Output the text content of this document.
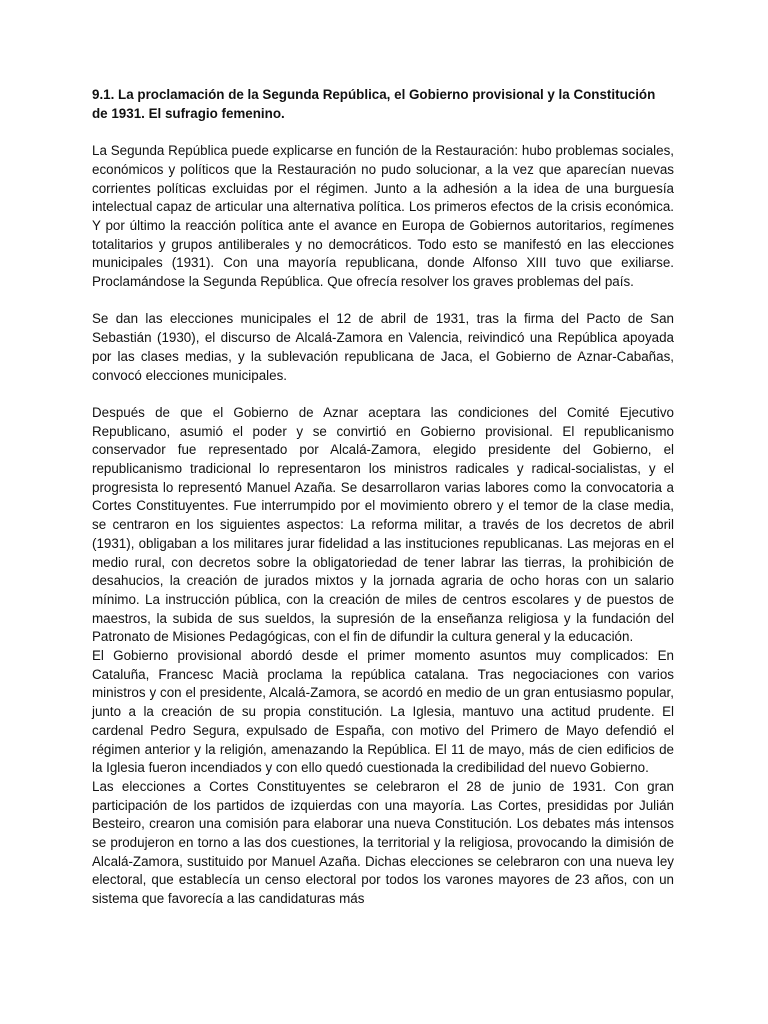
9.1. La proclamación de la Segunda República, el Gobierno provisional y la Constitución de 1931. El sufragio femenino.

La Segunda República puede explicarse en función de la Restauración: hubo problemas sociales, económicos y políticos que la Restauración no pudo solucionar, a la vez que aparecían nuevas corrientes políticas excluidas por el régimen. Junto a la adhesión a la idea de una burguesía intelectual capaz de articular una alternativa política. Los primeros efectos de la crisis económica. Y por último la reacción política ante el avance en Europa de Gobiernos autoritarios, regímenes totalitarios y grupos antiliberales y no democráticos. Todo esto se manifestó en las elecciones municipales (1931). Con una mayoría republicana, donde Alfonso XIII tuvo que exiliarse. Proclamándose la Segunda República. Que ofrecía resolver los graves problemas del país.

Se dan las elecciones municipales el 12 de abril de 1931, tras la firma del Pacto de San Sebastián (1930), el discurso de Alcalá-Zamora en Valencia, reivindicó una República apoyada por las clases medias, y la sublevación republicana de Jaca, el Gobierno de Aznar-Cabañas, convocó elecciones municipales.

Después de que el Gobierno de Aznar aceptara las condiciones del Comité Ejecutivo Republicano, asumió el poder y se convirtió en Gobierno provisional. El republicanismo conservador fue representado por Alcalá-Zamora, elegido presidente del Gobierno, el republicanismo tradicional lo representaron los ministros radicales y radical-socialistas, y el progresista lo representó Manuel Azaña. Se desarrollaron varias labores como la convocatoria a Cortes Constituyentes. Fue interrumpido por el movimiento obrero y el temor de la clase media, se centraron en los siguientes aspectos: La reforma militar, a través de los decretos de abril (1931), obligaban a los militares jurar fidelidad a las instituciones republicanas. Las mejoras en el medio rural, con decretos sobre la obligatoriedad de tener labrar las tierras, la prohibición de desahucios, la creación de jurados mixtos y la jornada agraria de ocho horas con un salario mínimo. La instrucción pública, con la creación de miles de centros escolares y de puestos de maestros, la subida de sus sueldos, la supresión de la enseñanza religiosa y la fundación del Patronato de Misiones Pedagógicas, con el fin de difundir la cultura general y la educación.

El Gobierno provisional abordó desde el primer momento asuntos muy complicados: En Cataluña, Francesc Macià proclama la república catalana. Tras negociaciones con varios ministros y con el presidente, Alcalá-Zamora, se acordó en medio de un gran entusiasmo popular, junto a la creación de su propia constitución. La Iglesia, mantuvo una actitud prudente. El cardenal Pedro Segura, expulsado de España, con motivo del Primero de Mayo defendió el régimen anterior y la religión, amenazando la República. El 11 de mayo, más de cien edificios de la Iglesia fueron incendiados y con ello quedó cuestionada la credibilidad del nuevo Gobierno.

Las elecciones a Cortes Constituyentes se celebraron el 28 de junio de 1931. Con gran participación de los partidos de izquierdas con una mayoría. Las Cortes, presididas por Julián Besteiro, crearon una comisión para elaborar una nueva Constitución. Los debates más intensos se produjeron en torno a las dos cuestiones, la territorial y la religiosa, provocando la dimisión de Alcalá-Zamora, sustituido por Manuel Azaña. Dichas elecciones se celebraron con una nueva ley electoral, que establecía un censo electoral por todos los varones mayores de 23 años, con un sistema que favorecía a las candidaturas más
